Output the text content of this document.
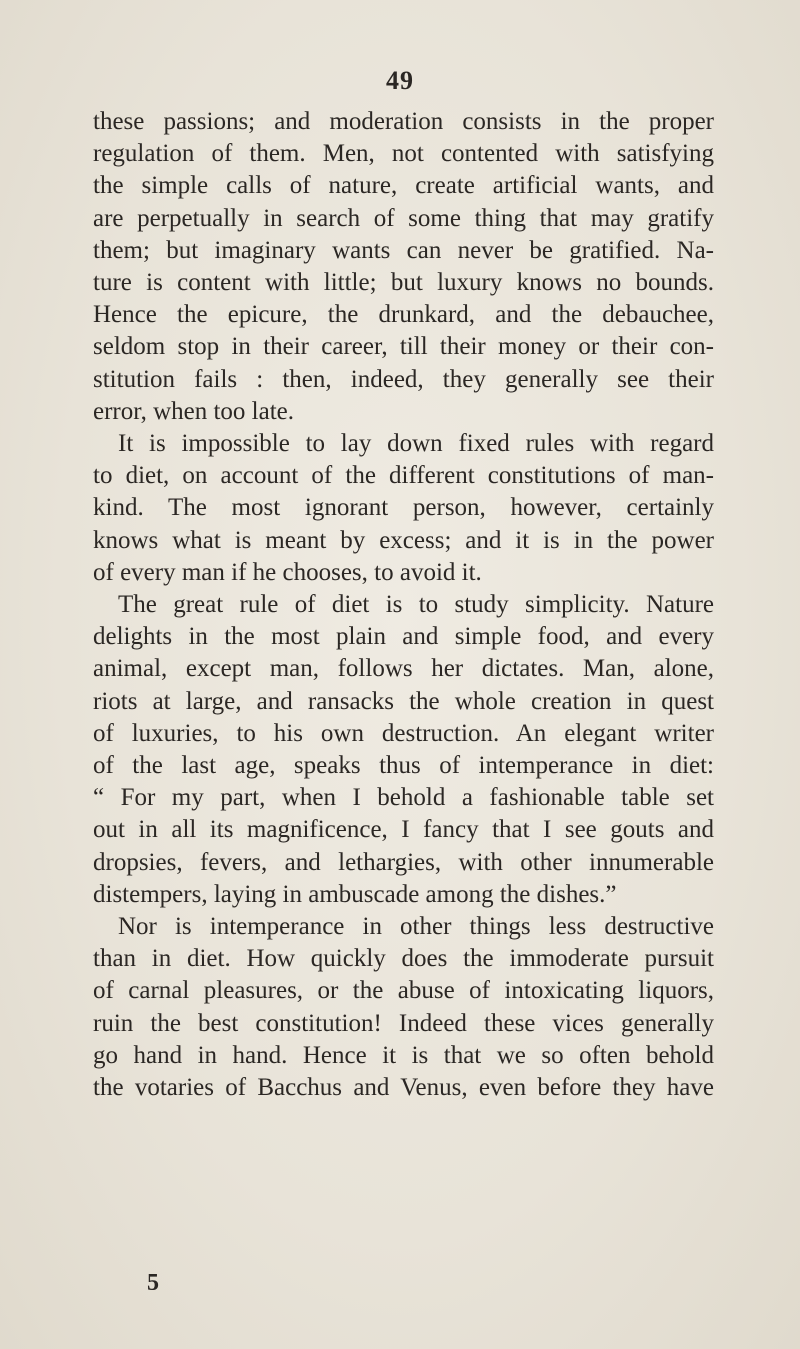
49
these passions; and moderation consists in the proper
regulation of them. Men, not contented with satisfying
the simple calls of nature, create artificial wants, and
are perpetually in search of some thing that may gratify
them; but imaginary wants can never be gratified. Na-
ture is content with little; but luxury knows no bounds.
Hence the epicure, the drunkard, and the debauchee,
seldom stop in their career, till their money or their con-
stitution fails : then, indeed, they generally see their
error, when too late.
It is impossible to lay down fixed rules with regard
to diet, on account of the different constitutions of man-
kind. The most ignorant person, however, certainly
knows what is meant by excess; and it is in the power
of every man if he chooses, to avoid it.
The great rule of diet is to study simplicity. Nature
delights in the most plain and simple food, and every
animal, except man, follows her dictates. Man, alone,
riots at large, and ransacks the whole creation in quest
of luxuries, to his own destruction. An elegant writer
of the last age, speaks thus of intemperance in diet:
“ For my part, when I behold a fashionable table set
out in all its magnificence, I fancy that I see gouts and
dropsies, fevers, and lethargies, with other innumerable
distempers, laying in ambuscade among the dishes.”
Nor is intemperance in other things less destructive
than in diet. How quickly does the immoderate pursuit
of carnal pleasures, or the abuse of intoxicating liquors,
ruin the best constitution! Indeed these vices generally
go hand in hand. Hence it is that we so often behold
the votaries of Bacchus and Venus, even before they have
5
